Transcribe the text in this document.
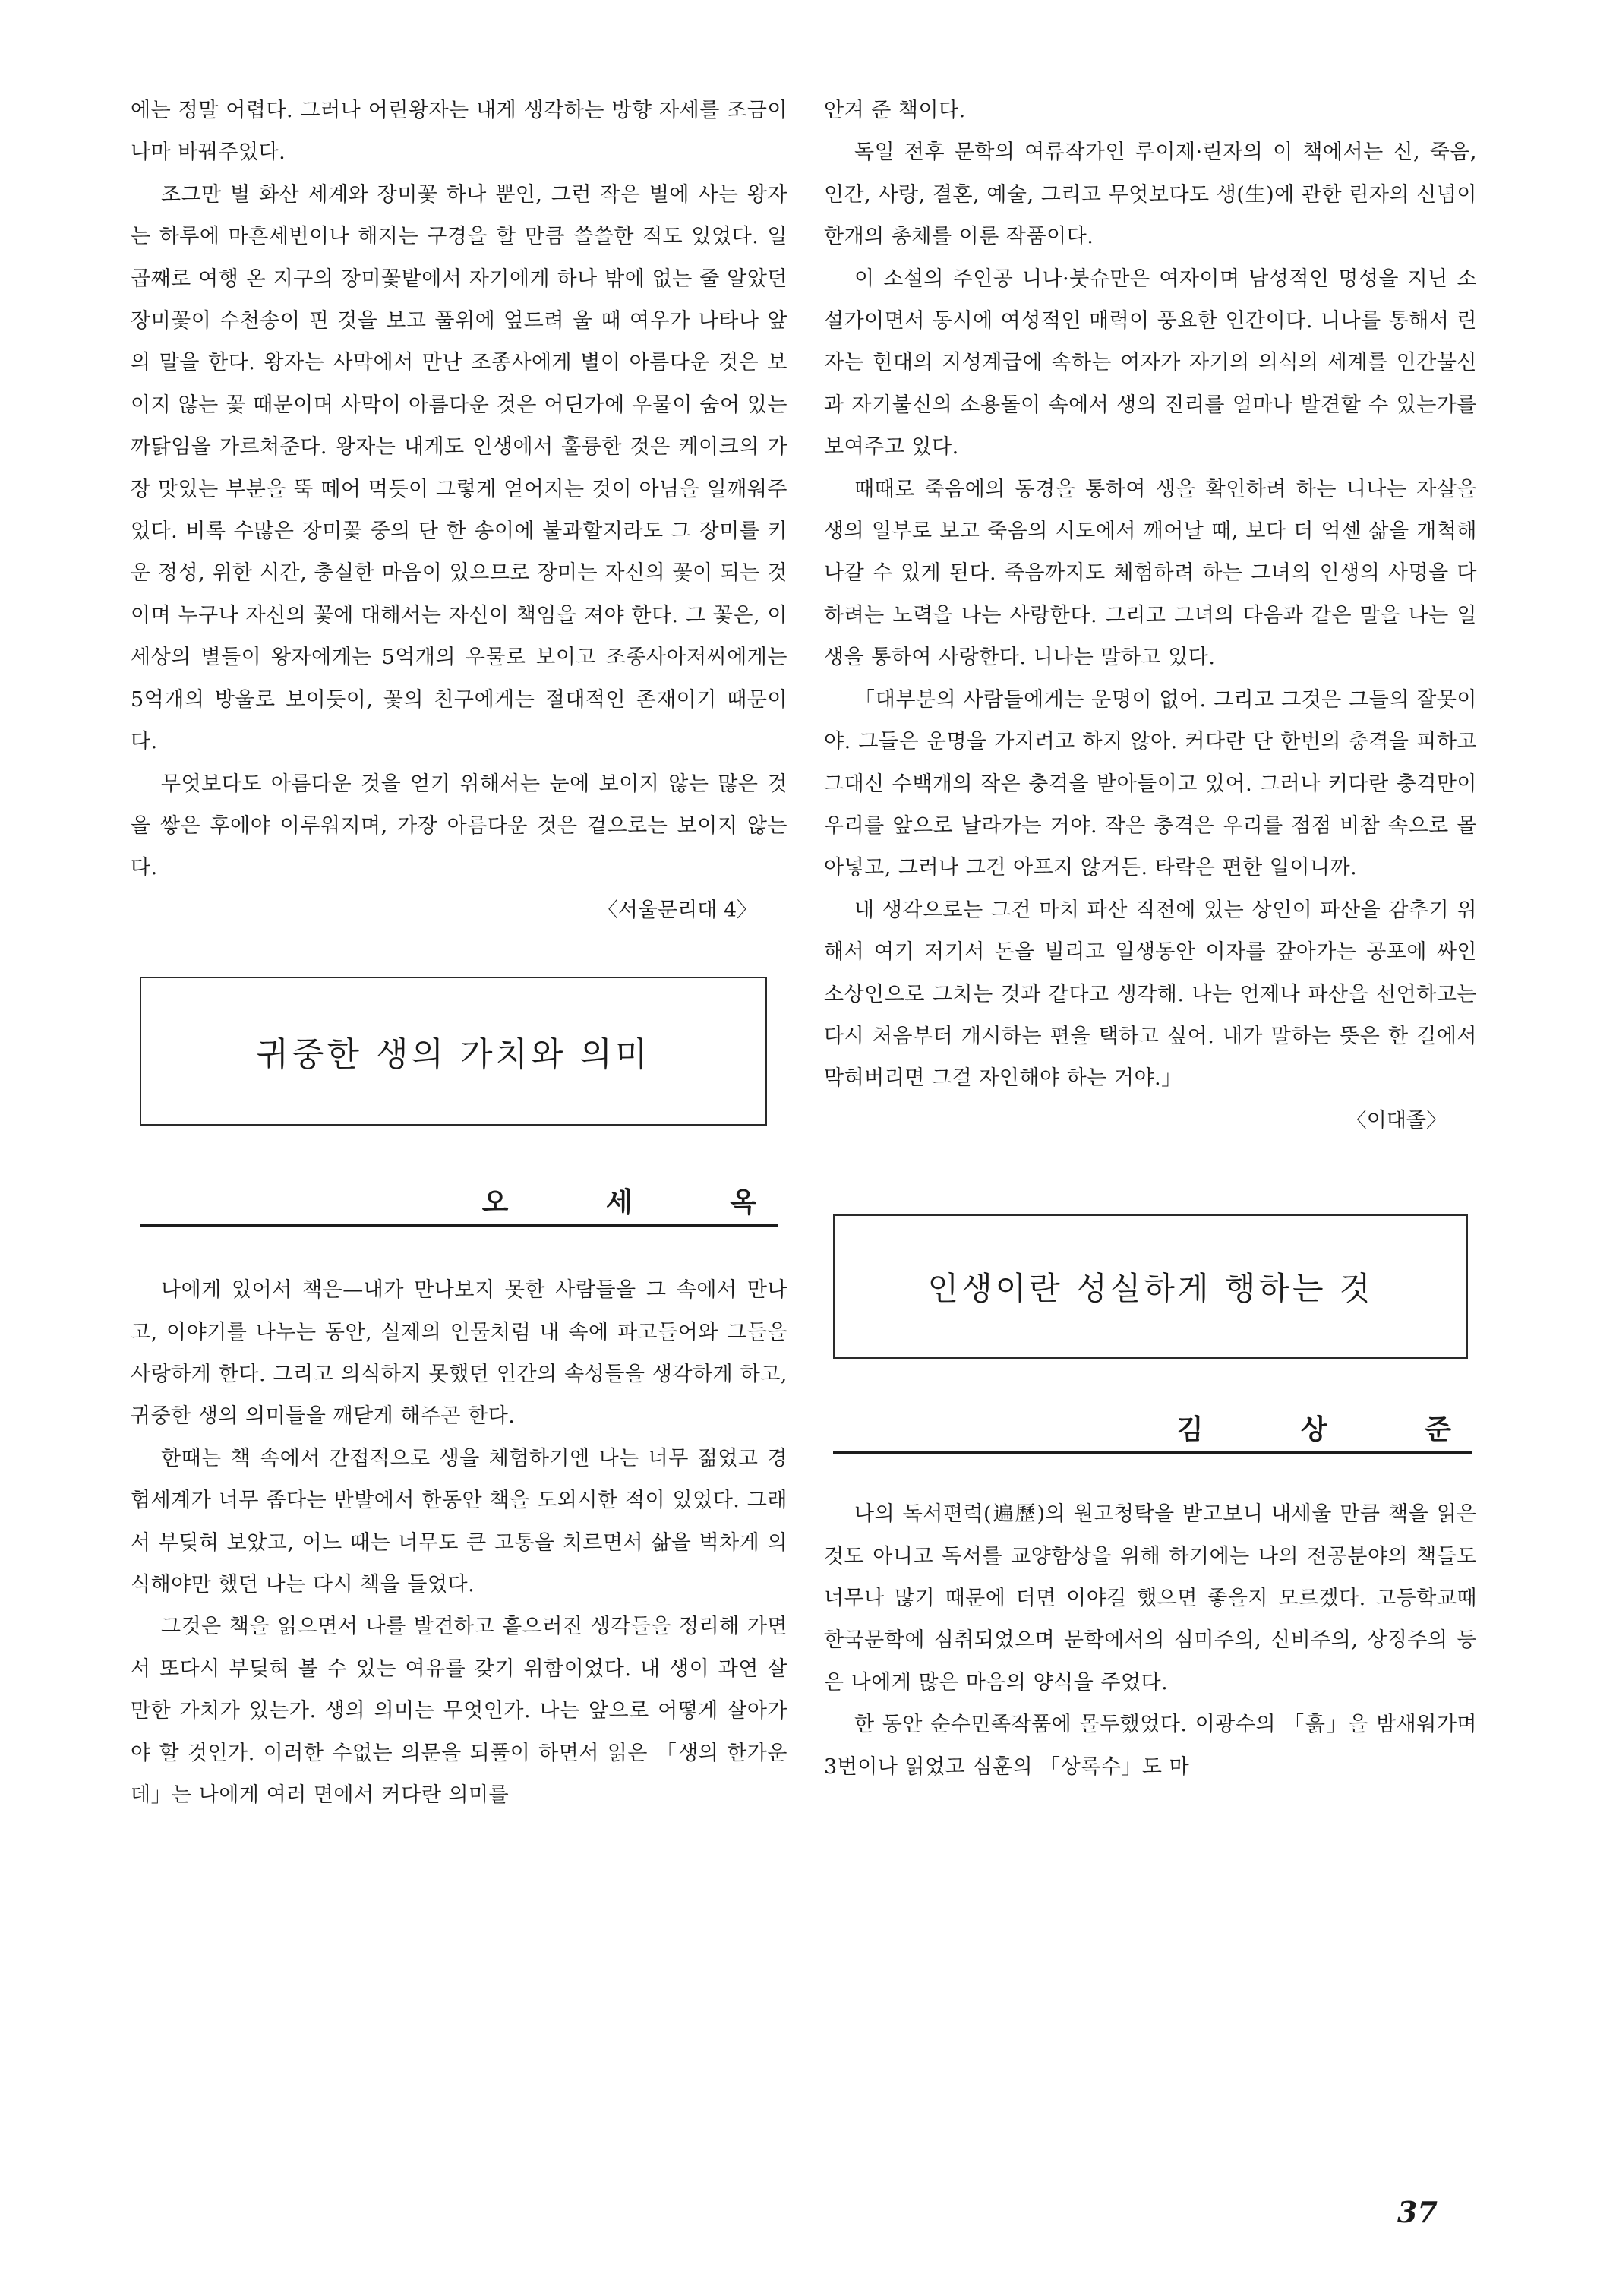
에는 정말 어렵다. 그러나 어린왕자는 내게 생각하는 방향 자세를 조금이나마 바꿔주었다.

조그만 별 화산 세계와 장미꽃 하나 뿐인, 그런 작은 별에 사는 왕자는 하루에 마흔세번이나 해지는 구경을 할 만큼 쓸쓸한 적도 있었다. 일곱째로 여행 온 지구의 장미꽃밭에서 자기에게 하나 밖에 없는 줄 알았던 장미꽃이 수천송이 핀 것을 보고 풀위에 엎드려 울 때 여우가 나타나 앞의 말을 한다. 왕자는 사막에서 만난 조종사에게 별이 아름다운 것은 보이지 않는 꽃 때문이며 사막이 아름다운 것은 어딘가에 우물이 숨어 있는 까닭임을 가르쳐준다. 왕자는 내게도 인생에서 훌륭한 것은 케이크의 가장 맛있는 부분을 뚝 떼어 먹듯이 그렇게 얻어지는 것이 아님을 일깨워주었다. 비록 수많은 장미꽃 중의 단 한 송이에 불과할지라도 그 장미를 키운 정성, 위한 시간, 충실한 마음이 있으므로 장미는 자신의 꽃이 되는 것이며 누구나 자신의 꽃에 대해서는 자신이 책임을 져야 한다. 그 꽃은, 이 세상의 별들이 왕자에게는 5억개의 우물로 보이고 조종사아저씨에게는 5억개의 방울로 보이듯이, 꽃의 친구에게는 절대적인 존재이기 때문이다.

무엇보다도 아름다운 것을 얻기 위해서는 눈에 보이지 않는 많은 것을 쌓은 후에야 이루워지며, 가장 아름다운 것은 겉으로는 보이지 않는다.

〈서울문리대 4〉

귀중한 생의 가치와 의미
오 세 옥

나에게 있어서 책은—내가 만나보지 못한 사람들을 그 속에서 만나고, 이야기를 나누는 동안, 실제의 인물처럼 내 속에 파고들어와 그들을 사랑하게 한다. 그리고 의식하지 못했던 인간의 속성들을 생각하게 하고, 귀중한 생의 의미들을 깨닫게 해주곤 한다.

한때는 책 속에서 간접적으로 생을 체험하기엔 나는 너무 젊었고 경험세계가 너무 좁다는 반발에서 한동안 책을 도외시한 적이 있었다. 그래서 부딪혀 보았고, 어느 때는 너무도 큰 고통을 치르면서 삶을 벅차게 의식해야만 했던 나는 다시 책을 들었다.

그것은 책을 읽으면서 나를 발견하고 흩으러진 생각들을 정리해 가면서 또다시 부딪혀 볼 수 있는 여유를 갖기 위함이었다. 내 생이 과연 살 만한 가치가 있는가. 생의 의미는 무엇인가. 나는 앞으로 어떻게 살아가야 할 것인가. 이러한 수없는 의문을 되풀이 하면서 읽은 「생의 한가운데」는 나에게 여러 면에서 커다란 의미를

안겨 준 책이다.

독일 전후 문학의 여류작가인 루이제·린자의 이 책에서는 신, 죽음, 인간, 사랑, 결혼, 예술, 그리고 무엇보다도 생(生)에 관한 린자의 신념이 한개의 총체를 이룬 작품이다.

이 소설의 주인공 니나·붓슈만은 여자이며 남성적인 명성을 지닌 소설가이면서 동시에 여성적인 매력이 풍요한 인간이다. 니나를 통해서 린자는 현대의 지성계급에 속하는 여자가 자기의 의식의 세계를 인간불신과 자기불신의 소용돌이 속에서 생의 진리를 얼마나 발견할 수 있는가를 보여주고 있다.

때때로 죽음에의 동경을 통하여 생을 확인하려 하는 니나는 자살을 생의 일부로 보고 죽음의 시도에서 깨어날 때, 보다 더 억센 삶을 개척해 나갈 수 있게 된다. 죽음까지도 체험하려 하는 그녀의 인생의 사명을 다하려는 노력을 나는 사랑한다. 그리고 그녀의 다음과 같은 말을 나는 일생을 통하여 사랑한다. 니나는 말하고 있다.

「대부분의 사람들에게는 운명이 없어. 그리고 그것은 그들의 잘못이야. 그들은 운명을 가지려고 하지 않아. 커다란 단 한번의 충격을 피하고 그대신 수백개의 작은 충격을 받아들이고 있어. 그러나 커다란 충격만이 우리를 앞으로 날라가는 거야. 작은 충격은 우리를 점점 비참 속으로 몰아넣고, 그러나 그건 아프지 않거든. 타락은 편한 일이니까.

내 생각으로는 그건 마치 파산 직전에 있는 상인이 파산을 감추기 위해서 여기 저기서 돈을 빌리고 일생동안 이자를 갚아가는 공포에 싸인 소상인으로 그치는 것과 같다고 생각해. 나는 언제나 파산을 선언하고는 다시 처음부터 개시하는 편을 택하고 싶어. 내가 말하는 뜻은 한 길에서 막혀버리면 그걸 자인해야 하는 거야.」

〈이대졸〉

인생이란 성실하게 행하는 것
김 상 준

나의 독서편력(遍歷)의 원고청탁을 받고보니 내세울 만큼 책을 읽은것도 아니고 독서를 교양함상을 위해 하기에는 나의 전공분야의 책들도 너무나 많기 때문에 더면 이야길 했으면 좋을지 모르겠다. 고등학교때 한국문학에 심취되었으며 문학에서의 심미주의, 신비주의, 상징주의 등은 나에게 많은 마음의 양식을 주었다.

한 동안 순수민족작품에 몰두했었다. 이광수의 「흙」을 밤새워가며 3번이나 읽었고 심훈의 「상록수」도 마

37
